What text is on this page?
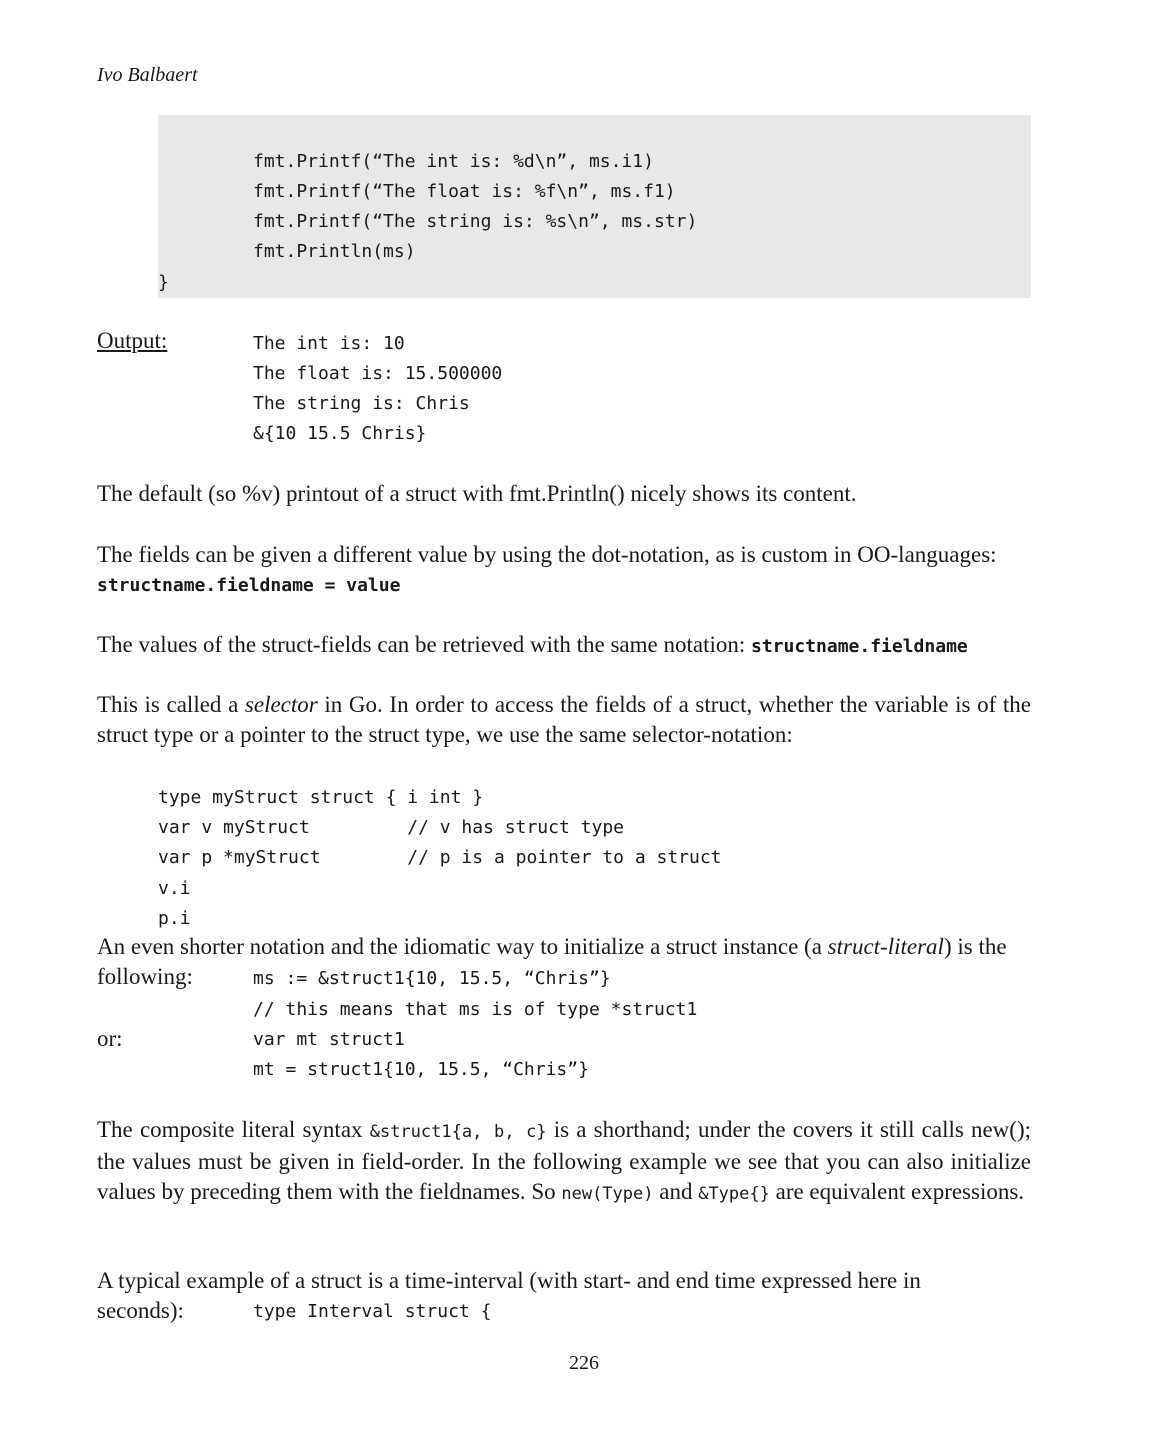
Ivo Balbaert
fmt.Printf(“The int is: %d\n”, ms.i1)
fmt.Printf(“The float is: %f\n”, ms.f1)
fmt.Printf(“The string is: %s\n”, ms.str)
fmt.Println(ms)
}
Output:	The int is: 10
The float is: 15.500000
The string is: Chris
&{10 15.5 Chris}
The default (so %v) printout of a struct with fmt.Println() nicely shows its content.
The fields can be given a different value by using the dot-notation, as is custom in OO-languages:
structname.fieldname = value
The values of the struct-fields can be retrieved with the same notation: structname.fieldname
This is called a selector in Go. In order to access the fields of a struct, whether the variable is of the struct type or a pointer to the struct type, we use the same selector-notation:
type myStruct struct { i int }
var v myStruct         // v has struct type
var p *myStruct        // p is a pointer to a struct
v.i
p.i
An even shorter notation and the idiomatic way to initialize a struct instance (a struct-literal) is the
following:	ms := &struct1{10, 15.5, “Chris”}
// this means that ms is of type *struct1
or:	var mt struct1
mt = struct1{10, 15.5, “Chris”}
The composite literal syntax &struct1{a, b, c} is a shorthand; under the covers it still calls new(); the values must be given in field-order. In the following example we see that you can also initialize values by preceding them with the fieldnames. So new(Type) and &Type{} are equivalent expressions.
A typical example of a struct is a time-interval (with start- and end time expressed here in
seconds):	type Interval struct {
226
